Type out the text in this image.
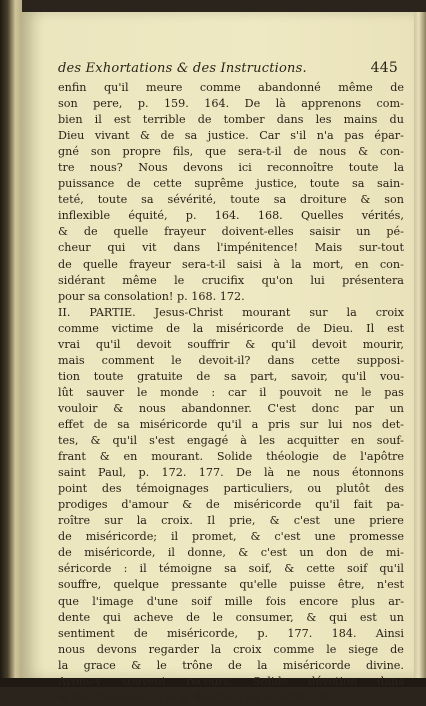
des Exhortations & des Instructions.	445
enfin qu'il meure comme abandonné même de
son pere, p. 159. 164. De là apprenons com-
bien il est terrible de tomber dans les mains du
Dieu vivant & de sa justice. Car s'il n'a pas épar-
gné son propre fils, que sera-t-il de nous & con-
tre nous? Nous devons ici reconnoître toute la
puissance de cette suprême justice, toute sa sain-
teté, toute sa sévérité, toute sa droiture & son
inflexible équité, p. 164. 168. Quelles vérités,
& de quelle frayeur doivent-elles saisir un pé-
cheur qui vit dans l'impénitence! Mais sur-tout
de quelle frayeur sera-t-il saisi à la mort, en con-
sidérant même le crucifix qu'on lui présentera
pour sa consolation! p. 168. 172.
II. PARTIE. Jesus-Christ mourant sur la croix
comme victime de la miséricorde de Dieu. Il est
vrai qu'il devoit souffrir & qu'il devoit mourir,
mais comment le devoit-il? dans cette supposi-
tion toute gratuite de sa part, savoir, qu'il vou-
lût sauver le monde : car il pouvoit ne le pas
vouloir & nous abandonner. C'est donc par un
effet de sa miséricorde qu'il a pris sur lui nos det-
tes, & qu'il s'est engagé à les acquitter en souf-
frant & en mourant. Solide théologie de l'apôtre
saint Paul, p. 172. 177. De là ne nous étonnons
point des témoignages particuliers, ou plutôt des
prodiges d'amour & de miséricorde qu'il fait pa-
roître sur la croix. Il prie, & c'est une priere
de miséricorde; il promet, & c'est une promesse
de miséricorde, il donne, & c'est un don de mi-
séricorde : il témoigne sa soif, & cette soif qu'il
souffre, quelque pressante qu'elle puisse être, n'est
que l'image d'une soif mille fois encore plus ar-
dente qui acheve de le consumer, & qui est un
sentiment de miséricorde, p. 177. 184. Ainsi
nous devons regarder la croix comme le siege de
la grace & le trône de la miséricorde divine.
Ayons-y souvent recours. Solide dévotion dans
le christianisme, que la dévotion au crucifix. Où
